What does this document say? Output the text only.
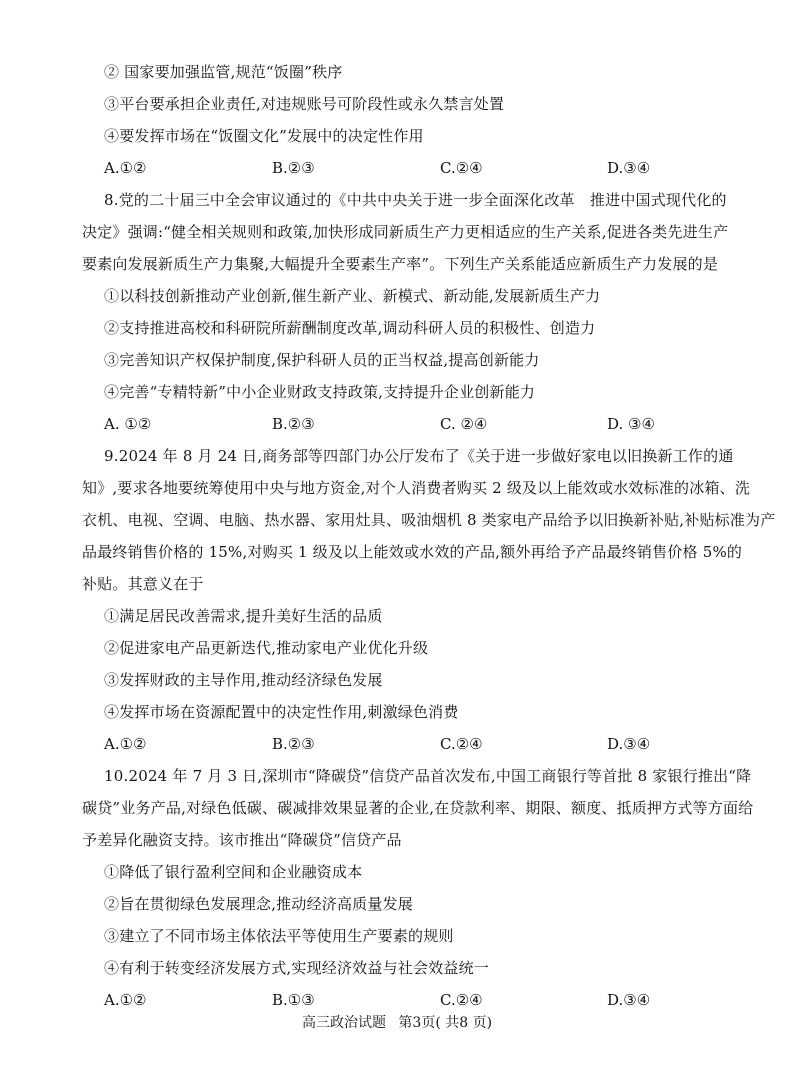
② 国家要加强监管,规范“饭圈”秩序
③平台要承担企业责任,对违规账号可阶段性或永久禁言处置
④要发挥市场在“饭圈文化”发展中的决定性作用
A.①②	B.②③	C.②④	D.③④
8.党的二十届三中全会审议通过的《中共中央关于进一步全面深化改革　推进中国式现代化的
决定》强调:“健全相关规则和政策,加快形成同新质生产力更相适应的生产关系,促进各类先进生产
要素向发展新质生产力集聚,大幅提升全要素生产率”。下列生产关系能适应新质生产力发展的是
①以科技创新推动产业创新,催生新产业、新模式、新动能,发展新质生产力
②支持推进高校和科研院所薪酬制度改革,调动科研人员的积极性、创造力
③完善知识产权保护制度,保护科研人员的正当权益,提高创新能力
④完善“专精特新”中小企业财政支持政策,支持提升企业创新能力
A. ①②	B.②③	C. ②④	D. ③④
9.2024 年 8 月 24 日,商务部等四部门办公厅发布了《关于进一步做好家电以旧换新工作的通
知》,要求各地要统筹使用中央与地方资金,对个人消费者购买 2 级及以上能效或水效标准的冰箱、洗
衣机、电视、空调、电脑、热水器、家用灶具、吸油烟机 8 类家电产品给予以旧换新补贴,补贴标准为产
品最终销售价格的 15%,对购买 1 级及以上能效或水效的产品,额外再给予产品最终销售价格 5%的
补贴。其意义在于
①满足居民改善需求,提升美好生活的品质
②促进家电产品更新迭代,推动家电产业优化升级
③发挥财政的主导作用,推动经济绿色发展
④发挥市场在资源配置中的决定性作用,刺激绿色消费
A.①②	B.②③	C.②④	D.③④
10.2024 年 7 月 3 日,深圳市“降碳贷”信贷产品首次发布,中国工商银行等首批 8 家银行推出“降
碳贷”业务产品,对绿色低碳、碳减排效果显著的企业,在贷款利率、期限、额度、抵质押方式等方面给
予差异化融资支持。该市推出“降碳贷”信贷产品
①降低了银行盈利空间和企业融资成本
②旨在贯彻绿色发展理念,推动经济高质量发展
③建立了不同市场主体依法平等使用生产要素的规则
④有利于转变经济发展方式,实现经济效益与社会效益统一
A.①②	B.①③	C.②④	D.③④
高三政治试题 第3页( 共8 页)
